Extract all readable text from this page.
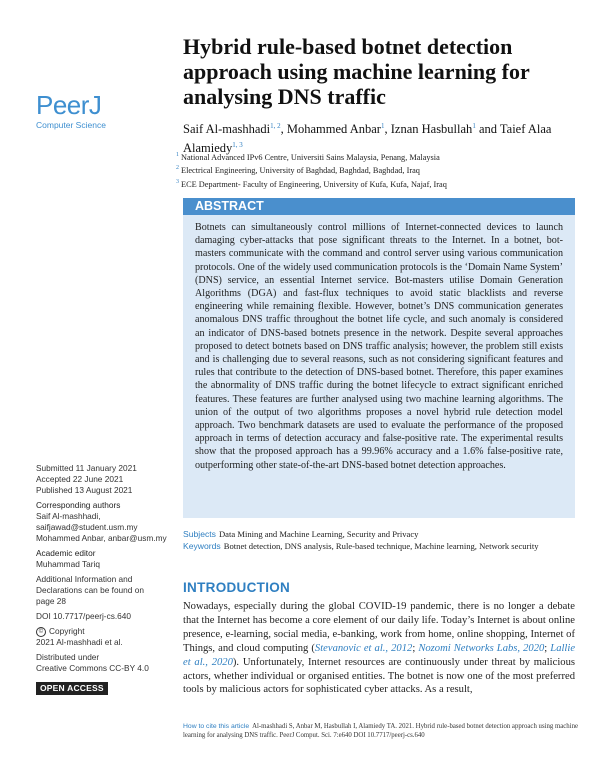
PeerJ
Computer Science
Hybrid rule-based botnet detection approach using machine learning for analysing DNS traffic
Saif Al-mashhadi$^{1, 2}$, Mohammed Anbar$^1$, Iznan Hasbullah$^1$ and Taief Alaa Alamiedy$^{1, 3}$
$^1$ National Advanced IPv6 Centre, Universiti Sains Malaysia, Penang, Malaysia
$^2$ Electrical Engineering, University of Baghdad, Baghdad, Baghdad, Iraq
$^3$ ECE Department- Faculty of Engineering, University of Kufa, Kufa, Najaf, Iraq
ABSTRACT
Botnets can simultaneously control millions of Internet-connected devices to launch damaging cyber-attacks that pose significant threats to the Internet. In a botnet, bot-masters communicate with the command and control server using various communication protocols. One of the widely used communication protocols is the ‘Domain Name System’ (DNS) service, an essential Internet service. Bot-masters utilise Domain Generation Algorithms (DGA) and fast-flux techniques to avoid static blacklists and reverse engineering while remaining flexible. However, botnet’s DNS communication generates anomalous DNS traffic throughout the botnet life cycle, and such anomaly is considered an indicator of DNS-based botnets presence in the network. Despite several approaches proposed to detect botnets based on DNS traffic analysis; however, the problem still exists and is challenging due to several reasons, such as not considering significant features and rules that contribute to the detection of DNS-based botnet. Therefore, this paper examines the abnormality of DNS traffic during the botnet lifecycle to extract significant enriched features. These features are further analysed using two machine learning algorithms. The union of the output of two algorithms proposes a novel hybrid rule detection model approach. Two benchmark datasets are used to evaluate the performance of the proposed approach in terms of detection accuracy and false-positive rate. The experimental results show that the proposed approach has a 99.96% accuracy and a 1.6% false-positive rate, outperforming other state-of-the-art DNS-based botnet detection approaches.
Subjects Data Mining and Machine Learning, Security and Privacy
Keywords Botnet detection, DNS analysis, Rule-based technique, Machine learning, Network security
Submitted 11 January 2021
Accepted 22 June 2021
Published 13 August 2021
Corresponding authors
Saif Al-mashhadi,
saifjawad@student.usm.my
Mohammed Anbar, anbar@usm.my
Academic editor
Muhammad Tariq
Additional Information and
Declarations can be found on
page 28
DOI 10.7717/peerj-cs.640
© Copyright
2021 Al-mashhadi et al.
Distributed under
Creative Commons CC-BY 4.0
OPEN ACCESS
INTRODUCTION
Nowadays, especially during the global COVID-19 pandemic, there is no longer a debate that the Internet has become a core element of our daily life. Today’s Internet is about online presence, e-learning, social media, e-banking, work from home, online shopping, Internet of Things, and cloud computing (Stevanovic et al., 2012; Nozomi Networks Labs, 2020; Lallie et al., 2020). Unfortunately, Internet resources are continuously under threat by malicious actors, whether individual or organised entities. The botnet is now one of the most preferred tools by malicious actors for sophisticated cyber attacks. As a result,
How to cite this article Al-mashhadi S, Anbar M, Hasbullah I, Alamiedy TA. 2021. Hybrid rule-based botnet detection approach using machine learning for analysing DNS traffic. PeerJ Comput. Sci. 7:e640 DOI 10.7717/peerj-cs.640
